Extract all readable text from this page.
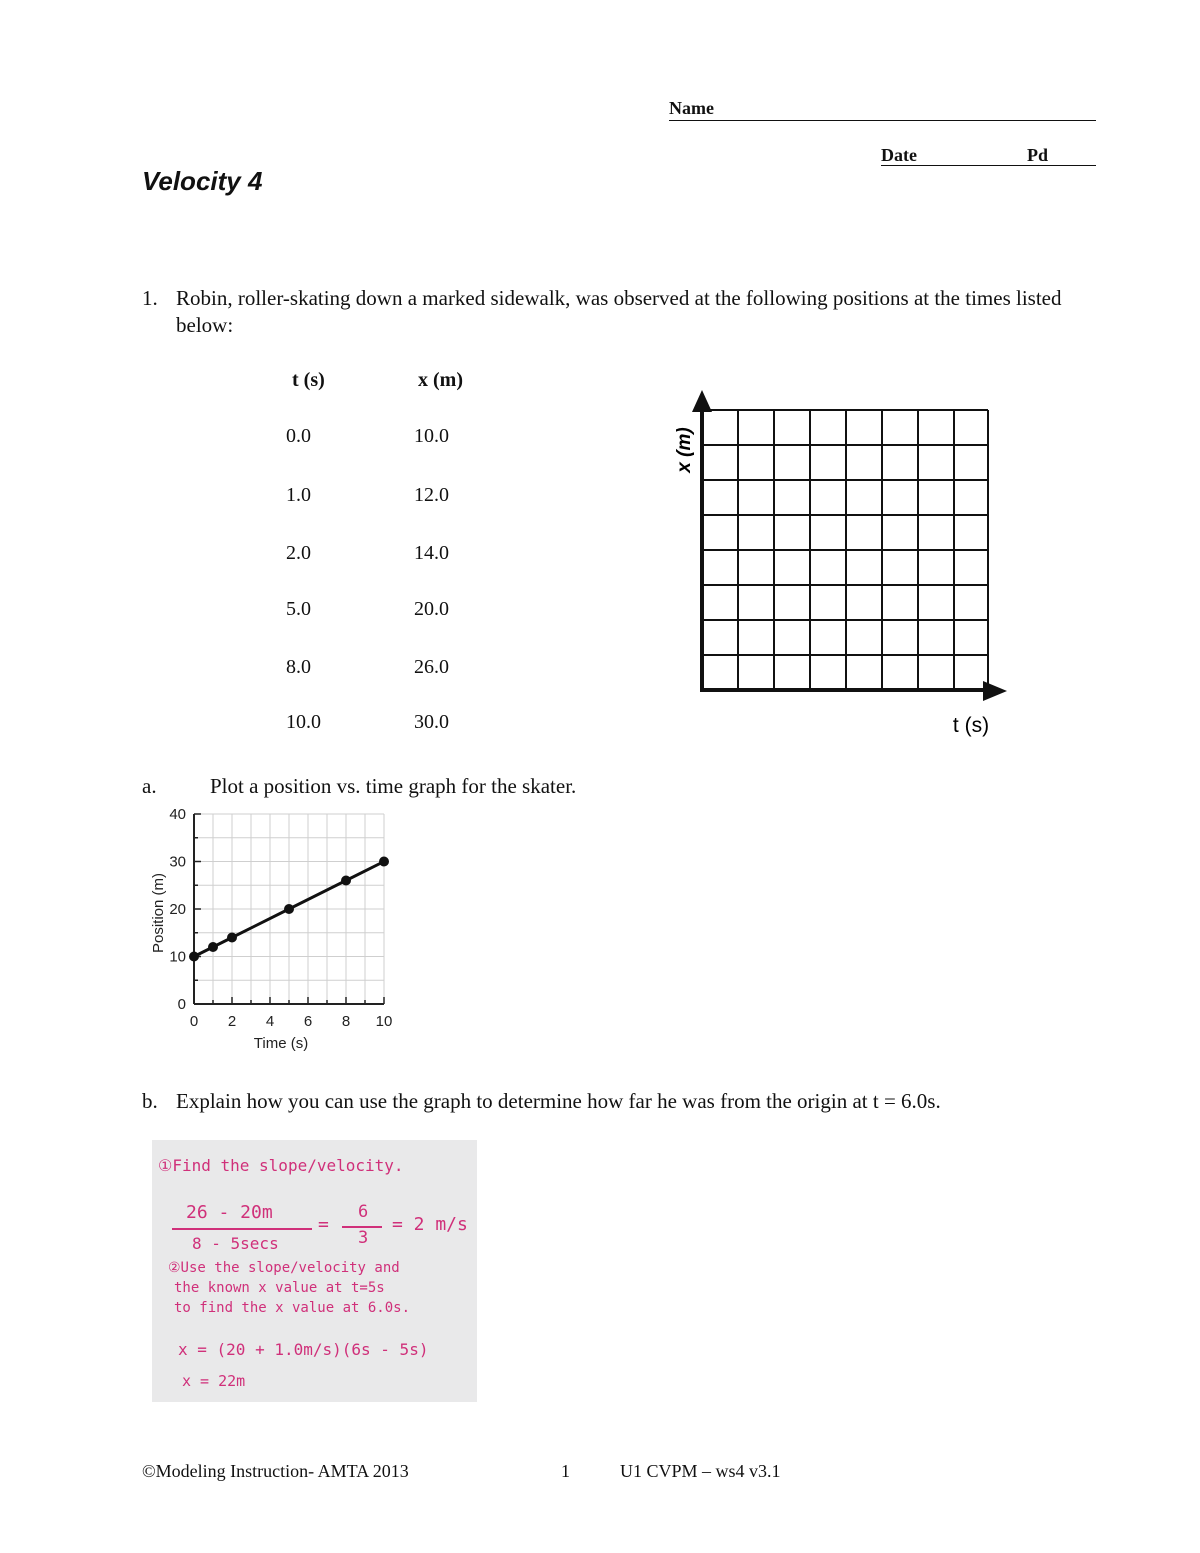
Name
Date	Pd
Velocity 4
1. Robin, roller-skating down a marked sidewalk, was observed at the following positions at the times listed below:
t (s)	x (m)
0.0	10.0
1.0	12.0
2.0	14.0
5.0	20.0
8.0	26.0
10.0	30.0
x (m)
t (s)
a.	Plot a position vs. time graph for the skater.
0 2 4 6 8 10
0
10
20
30
40
Time (s)
Position (m)
b. Explain how you can use the graph to determine how far he was from the origin at t = 6.0s.
①Find the slope/velocity.
26 - 20m
8 - 5secs
=
6
3
= 2 m/s
②Use the slope/velocity and
the known x value at t=5s
to find the x value at 6.0s.
x = (20 + 1.0m/s)(6s - 5s)
x = 22m
©Modeling Instruction- AMTA 2013	1	U1 CVPM – ws4 v3.1
